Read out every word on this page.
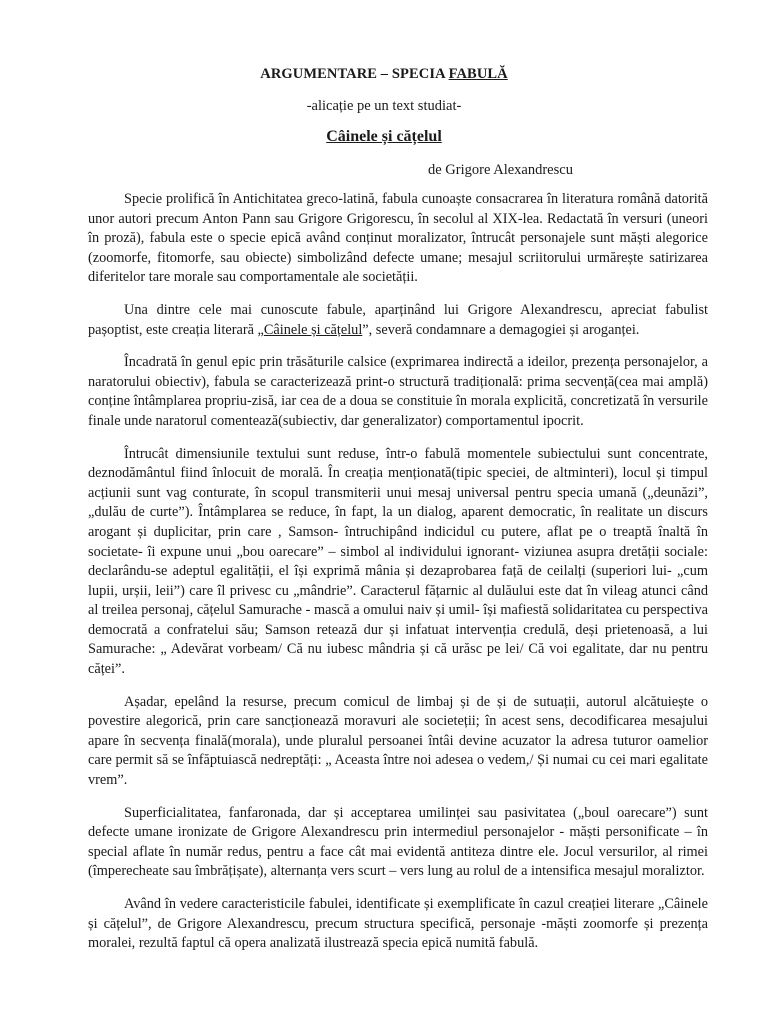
ARGUMENTARE – SPECIA FABULĂ
-alicație pe un text studiat-
Câinele și cățelul
de Grigore Alexandrescu

Specie prolifică în Antichitatea greco-latină, fabula cunoaște consacrarea în literatura română datorită unor autori precum Anton Pann sau Grigore Grigorescu, în secolul al XIX-lea. Redactată în versuri (uneori în proză), fabula este o specie epică având conținut moralizator, întrucât personajele sunt măști alegorice (zoomorfe, fitomorfe, sau obiecte) simbolizând defecte umane; mesajul scriitorului urmărește satirizarea diferitelor tare morale sau comportamentale ale societății.

Una dintre cele mai cunoscute fabule, aparținând lui Grigore Alexandrescu, apreciat fabulist pașoptist, este creația literară „Câinele și cățelul”, severă condamnare a demagogiei și aroganței.

Încadrată în genul epic prin trăsăturile calsice (exprimarea indirectă a ideilor, prezența personajelor, a naratorului obiectiv), fabula se caracterizează print-o structură tradițională: prima secvență(cea mai amplă) conține întâmplarea propriu-zisă, iar cea de a doua se constituie în morala explicită, concretizată în versurile finale unde naratorul comentează(subiectiv, dar generalizator) comportamentul ipocrit.

Întrucât dimensiunile textului sunt reduse, într-o fabulă momentele subiectului sunt concentrate, deznodământul fiind înlocuit de morală. În creația menționată(tipic speciei, de altminteri), locul și timpul acțiunii sunt vag conturate, în scopul transmiterii unui mesaj universal pentru specia umană („deunăzi”, „dulău de curte”). Întâmplarea se reduce, în fapt, la un dialog, aparent democratic, în realitate un discurs arogant și duplicitar, prin care , Samson- întruchipând indicidul cu putere, aflat pe o treaptă înaltă în societate- îi expune unui „bou oarecare” – simbol al individului ignorant- viziunea asupra dretății sociale: declarându-se adeptul egalității, el își exprimă mânia și dezaprobarea față de ceilalți (superiori lui- „cum lupii, urșii, leii”) care îl privesc cu „mândrie”. Caracterul fățarnic al dulăului este dat în vileag atunci când al treilea personaj, cățelul Samurache - mască a omului naiv și umil- își mafiestă solidaritatea cu perspectiva democrată a confratelui său; Samson retează dur și infatuat intervenția credulă, deși prietenoasă, a lui Samurache: „ Adevărat vorbeam/ Că nu iubesc mândria și că urăsc pe lei/ Că voi egalitate, dar nu pentru căței”.

Așadar, epelând la resurse, precum comicul de limbaj și de și de sutuații, autorul alcătuiește o povestire alegorică, prin care sancționează moravuri ale societeții; în acest sens, decodificarea mesajului apare în secvența finală(morala), unde pluralul persoanei întâi devine acuzator la adresa tuturor oamelior care permit să se înfăptuiască nedreptăți: „ Aceasta între noi adesea o vedem,/ Și numai cu cei mari egalitate vrem”.

Superficialitatea, fanfaronada, dar și acceptarea umilinței sau pasivitatea („boul oarecare”) sunt defecte umane ironizate de Grigore Alexandrescu prin intermediul personajelor - măști personificate – în special aflate în număr redus, pentru a face cât mai evidentă antiteza dintre ele. Jocul versurilor, al rimei (împerecheate sau îmbrățișate), alternanța vers scurt – vers lung au rolul de a intensifica mesajul moraliztor.

Având în vedere caracteristicile fabulei, identificate și exemplificate în cazul creației literare „Câinele și cățelul”, de Grigore Alexandrescu, precum structura specifică, personaje -măști zoomorfe și prezența moralei, rezultă faptul că opera analizată ilustrează specia epică numită fabulă.
